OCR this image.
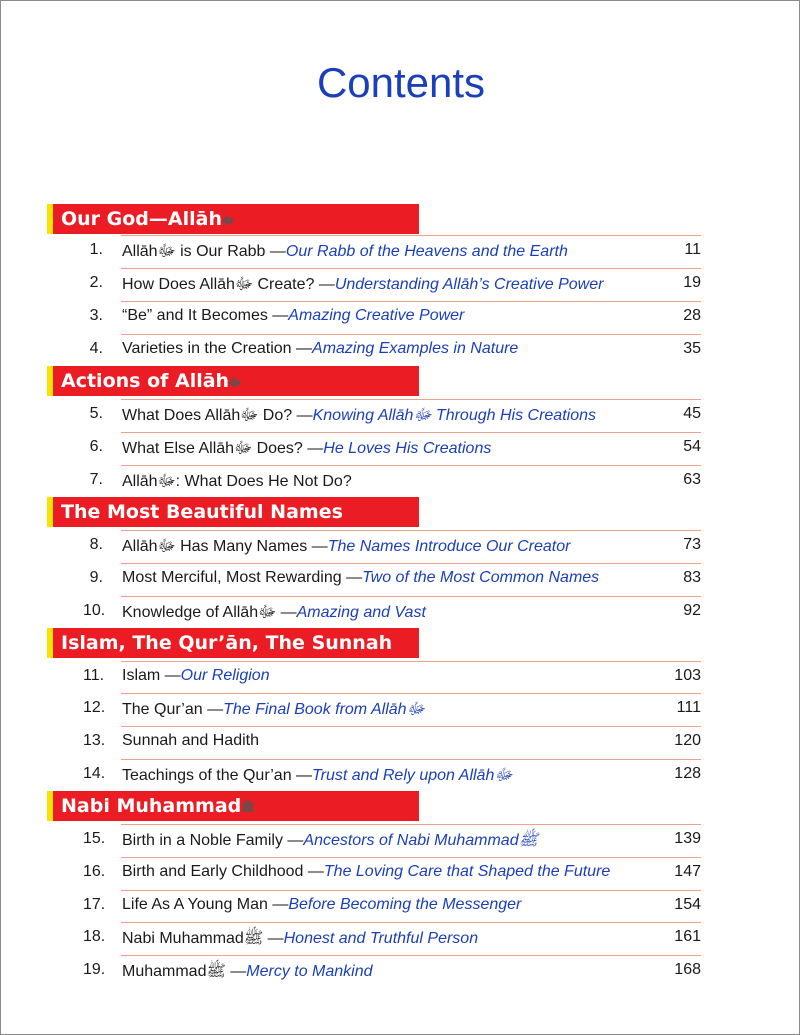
Contents
Our God—Allāhﷻ
1. Allāhﷻ is Our Rabb —Our Rabb of the Heavens and the Earth	11
2. How Does Allāhﷻ Create? —Understanding Allāh’s Creative Power	19
3. “Be” and It Becomes —Amazing Creative Power	28
4. Varieties in the Creation —Amazing Examples in Nature	35
Actions of Allāhﷻ
5. What Does Allāhﷻ Do? —Knowing Allāhﷻ Through His Creations	45
6. What Else Allāhﷻ Does? —He Loves His Creations	54
7. Allāhﷻ: What Does He Not Do?	63
The Most Beautiful Names
8. Allāhﷻ Has Many Names —The Names Introduce Our Creator	73
9. Most Merciful, Most Rewarding —Two of the Most Common Names	83
10. Knowledge of Allāhﷻ —Amazing and Vast	92
Islam, The Qur’ān, The Sunnah
11. Islam —Our Religion	103
12. The Qur’an —The Final Book from Allāhﷻ	111
13. Sunnah and Hadith	120
14. Teachings of the Qur’an —Trust and Rely upon Allāhﷻ	128
Nabi Muhammadﷺ
15. Birth in a Noble Family —Ancestors of Nabi Muhammadﷺ	139
16. Birth and Early Childhood —The Loving Care that Shaped the Future	147
17. Life As A Young Man —Before Becoming the Messenger	154
18. Nabi Muhammadﷺ —Honest and Truthful Person	161
19. Muhammadﷺ —Mercy to Mankind	168
